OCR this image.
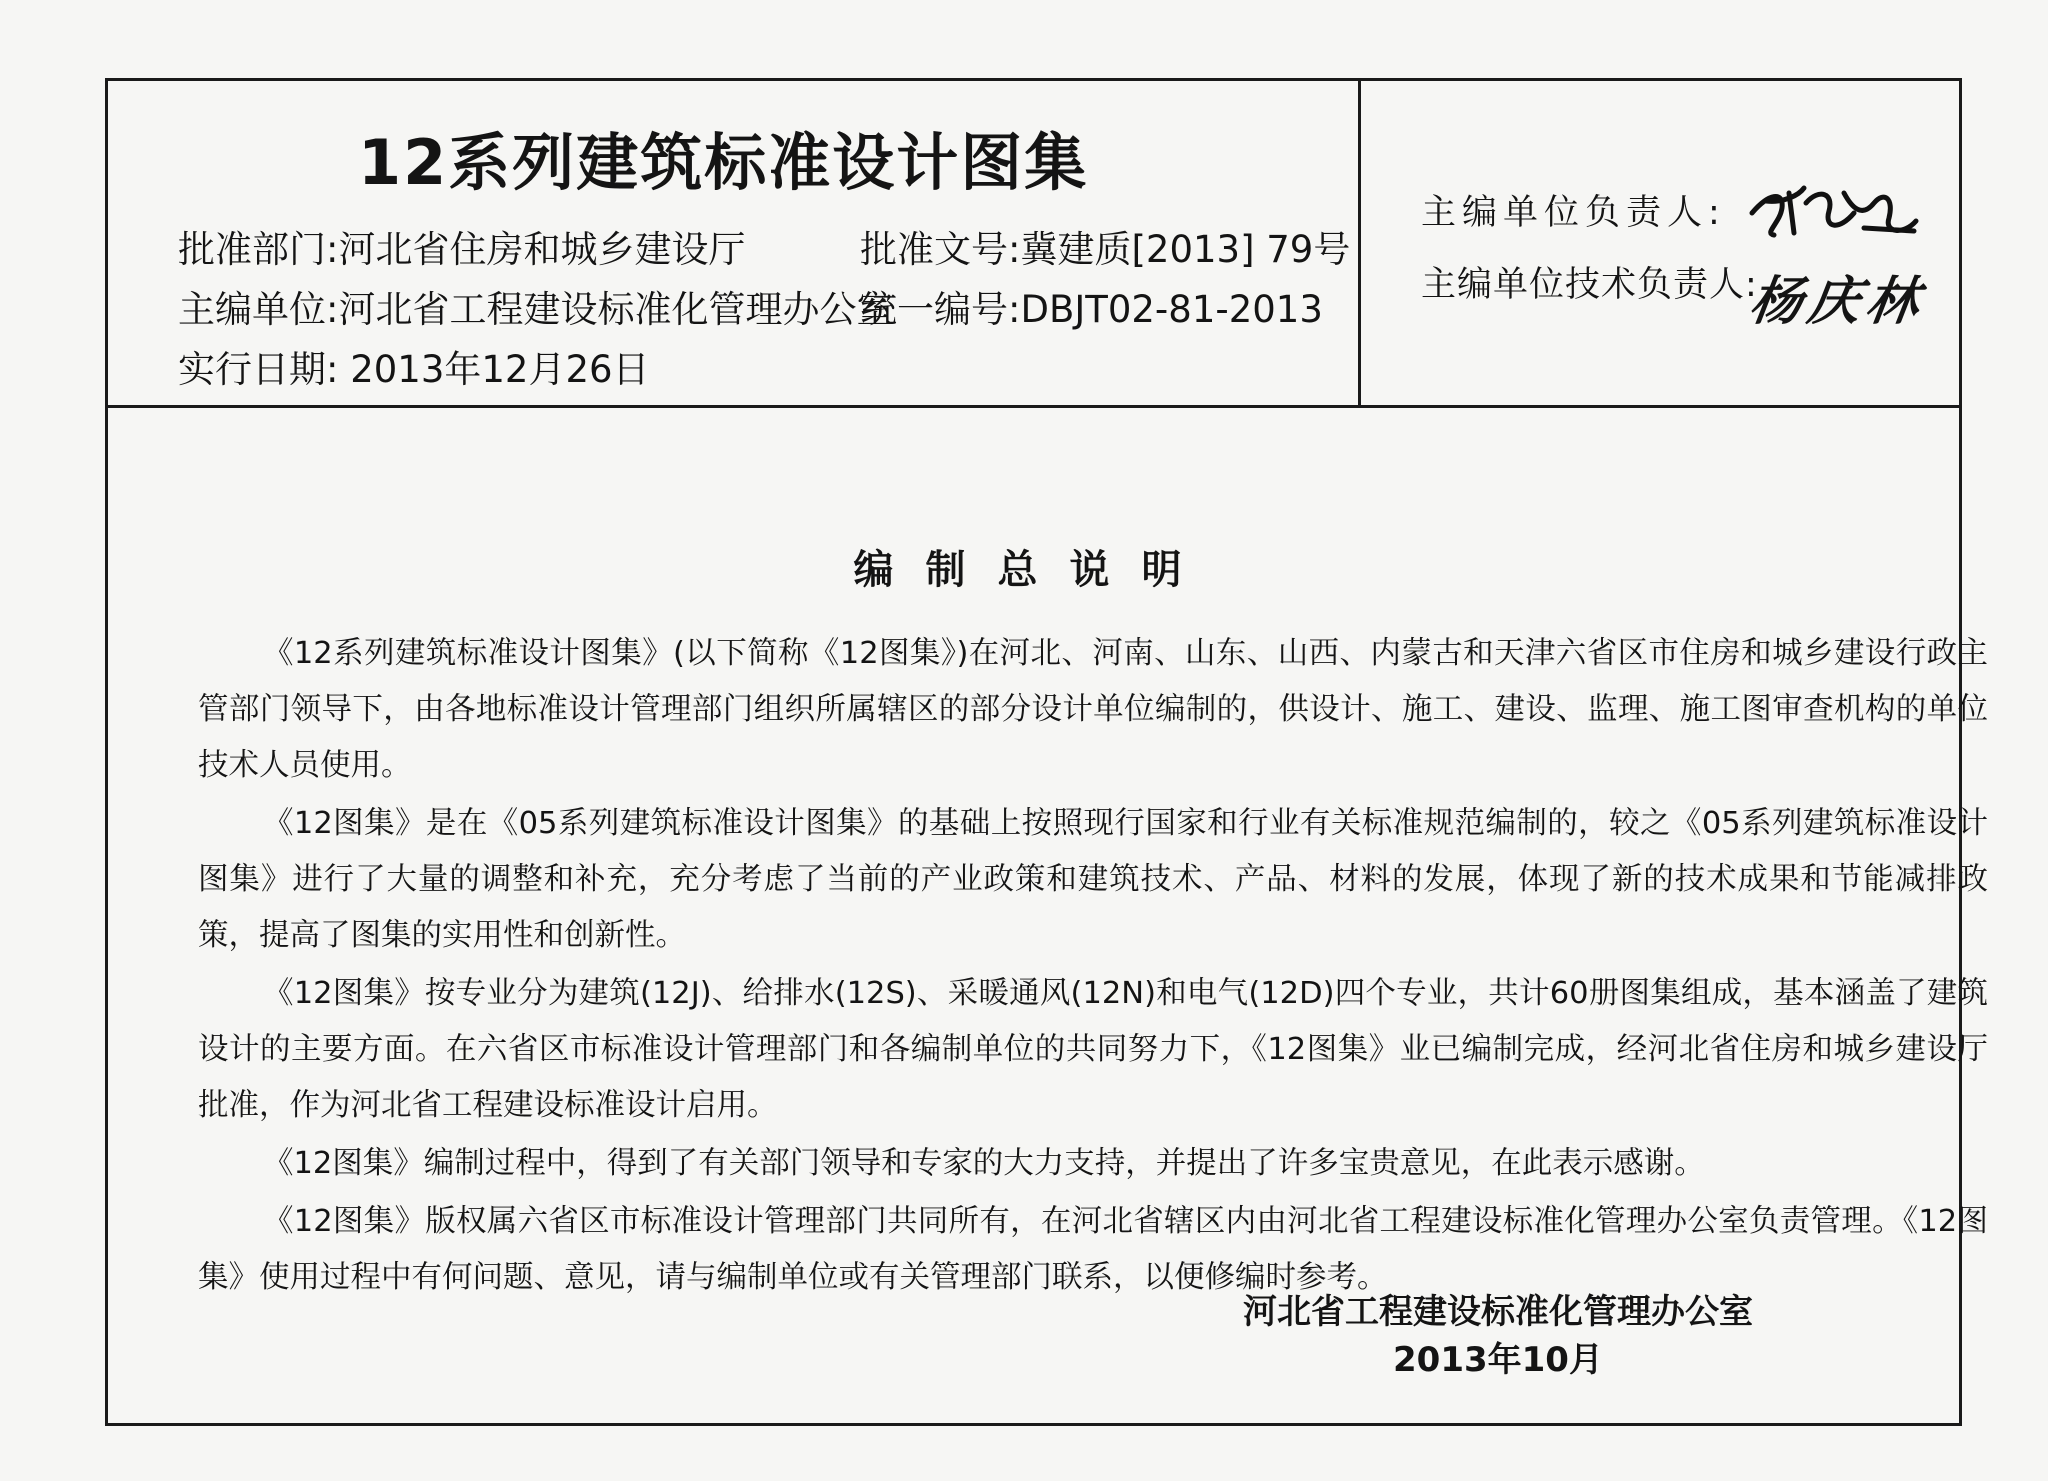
12系列建筑标准设计图集
批准部门:河北省住房和城乡建设厅	批准文号:冀建质[2013] 79号
主编单位:河北省工程建设标准化管理办公室
统一编号:DBJT02-81-2013
实行日期: 2013年12月26日
主编单位负责人:
主编单位技术负责人:
杨庆林
编制总说明

《12系列建筑标准设计图集》(以下简称《12图集》)在河北、河南、山东、山西、内蒙古和天津六省区市住房和城乡建设行政主管部门领导下，由各地标准设计管理部门组织所属辖区的部分设计单位编制的，供设计、施工、建设、监理、施工图审查机构的单位技术人员使用。

《12图集》是在《05系列建筑标准设计图集》的基础上按照现行国家和行业有关标准规范编制的，较之《05系列建筑标准设计图集》进行了大量的调整和补充，充分考虑了当前的产业政策和建筑技术、产品、材料的发展，体现了新的技术成果和节能减排政策，提高了图集的实用性和创新性。

《12图集》按专业分为建筑(12J)、给排水(12S)、采暖通风(12N)和电气(12D)四个专业，共计60册图集组成，基本涵盖了建筑设计的主要方面。在六省区市标准设计管理部门和各编制单位的共同努力下，《12图集》业已编制完成，经河北省住房和城乡建设厅批准，作为河北省工程建设标准设计启用。

《12图集》编制过程中，得到了有关部门领导和专家的大力支持，并提出了许多宝贵意见，在此表示感谢。

《12图集》版权属六省区市标准设计管理部门共同所有，在河北省辖区内由河北省工程建设标准化管理办公室负责管理。《12图集》使用过程中有何问题、意见，请与编制单位或有关管理部门联系，以便修编时参考。

河北省工程建设标准化管理办公室
2013年10月
